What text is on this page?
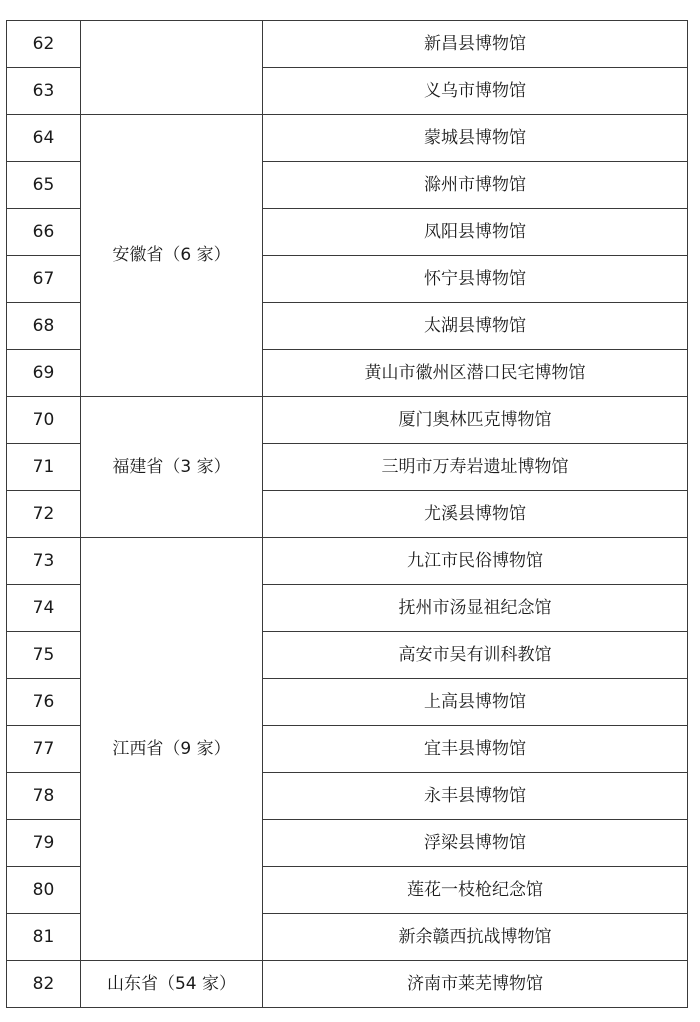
62		新昌县博物馆
63		义乌市博物馆
64	安徽省（6 家）	蒙城县博物馆
65		滁州市博物馆
66		凤阳县博物馆
67		怀宁县博物馆
68		太湖县博物馆
69		黄山市徽州区潜口民宅博物馆
70	福建省（3 家）	厦门奥林匹克博物馆
71		三明市万寿岩遗址博物馆
72		尤溪县博物馆
73	江西省（9 家）	九江市民俗博物馆
74		抚州市汤显祖纪念馆
75		高安市吴有训科教馆
76		上高县博物馆
77		宜丰县博物馆
78		永丰县博物馆
79		浮梁县博物馆
80		莲花一枝枪纪念馆
81		新余赣西抗战博物馆
82	山东省（54 家）	济南市莱芜博物馆
